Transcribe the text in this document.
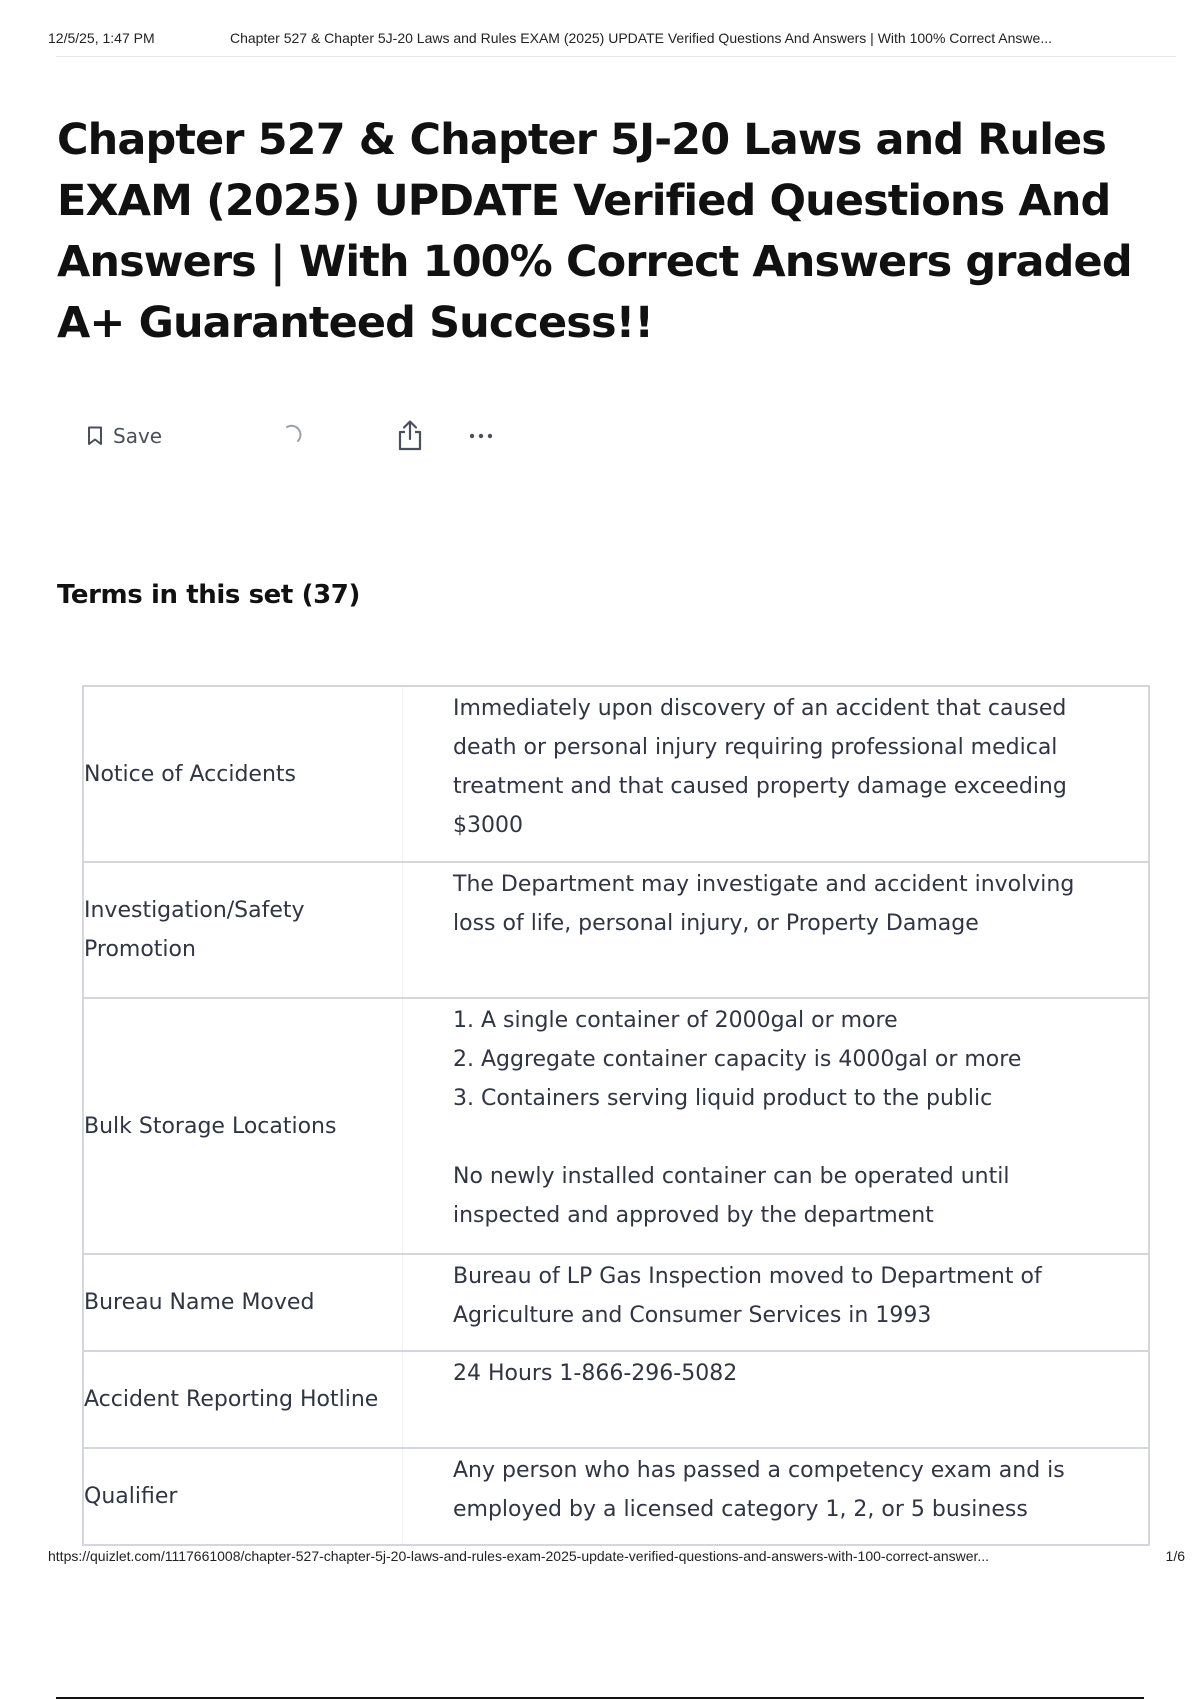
12/5/25, 1:47 PM	Chapter 527 & Chapter 5J-20 Laws and Rules EXAM (2025) UPDATE Verified Questions And Answers | With 100% Correct Answe...
Chapter 527 & Chapter 5J-20 Laws and Rules EXAM (2025) UPDATE Verified Questions And Answers | With 100% Correct Answers graded A+ Guaranteed Success!!
Save
Terms in this set (37)
Notice of Accidents	Immediately upon discovery of an accident that caused death or personal injury requiring professional medical treatment and that caused property damage exceeding $3000
Investigation/Safety Promotion	The Department may investigate and accident involving loss of life, personal injury, or Property Damage
Bulk Storage Locations	1. A single container of 2000gal or more
2. Aggregate container capacity is 4000gal or more
3. Containers serving liquid product to the public

No newly installed container can be operated until inspected and approved by the department
Bureau Name Moved	Bureau of LP Gas Inspection moved to Department of Agriculture and Consumer Services in 1993
Accident Reporting Hotline	24 Hours 1-866-296-5082
Qualifier	Any person who has passed a competency exam and is employed by a licensed category 1, 2, or 5 business
https://quizlet.com/1117661008/chapter-527-chapter-5j-20-laws-and-rules-exam-2025-update-verified-questions-and-answers-with-100-correct-answer...	1/6
